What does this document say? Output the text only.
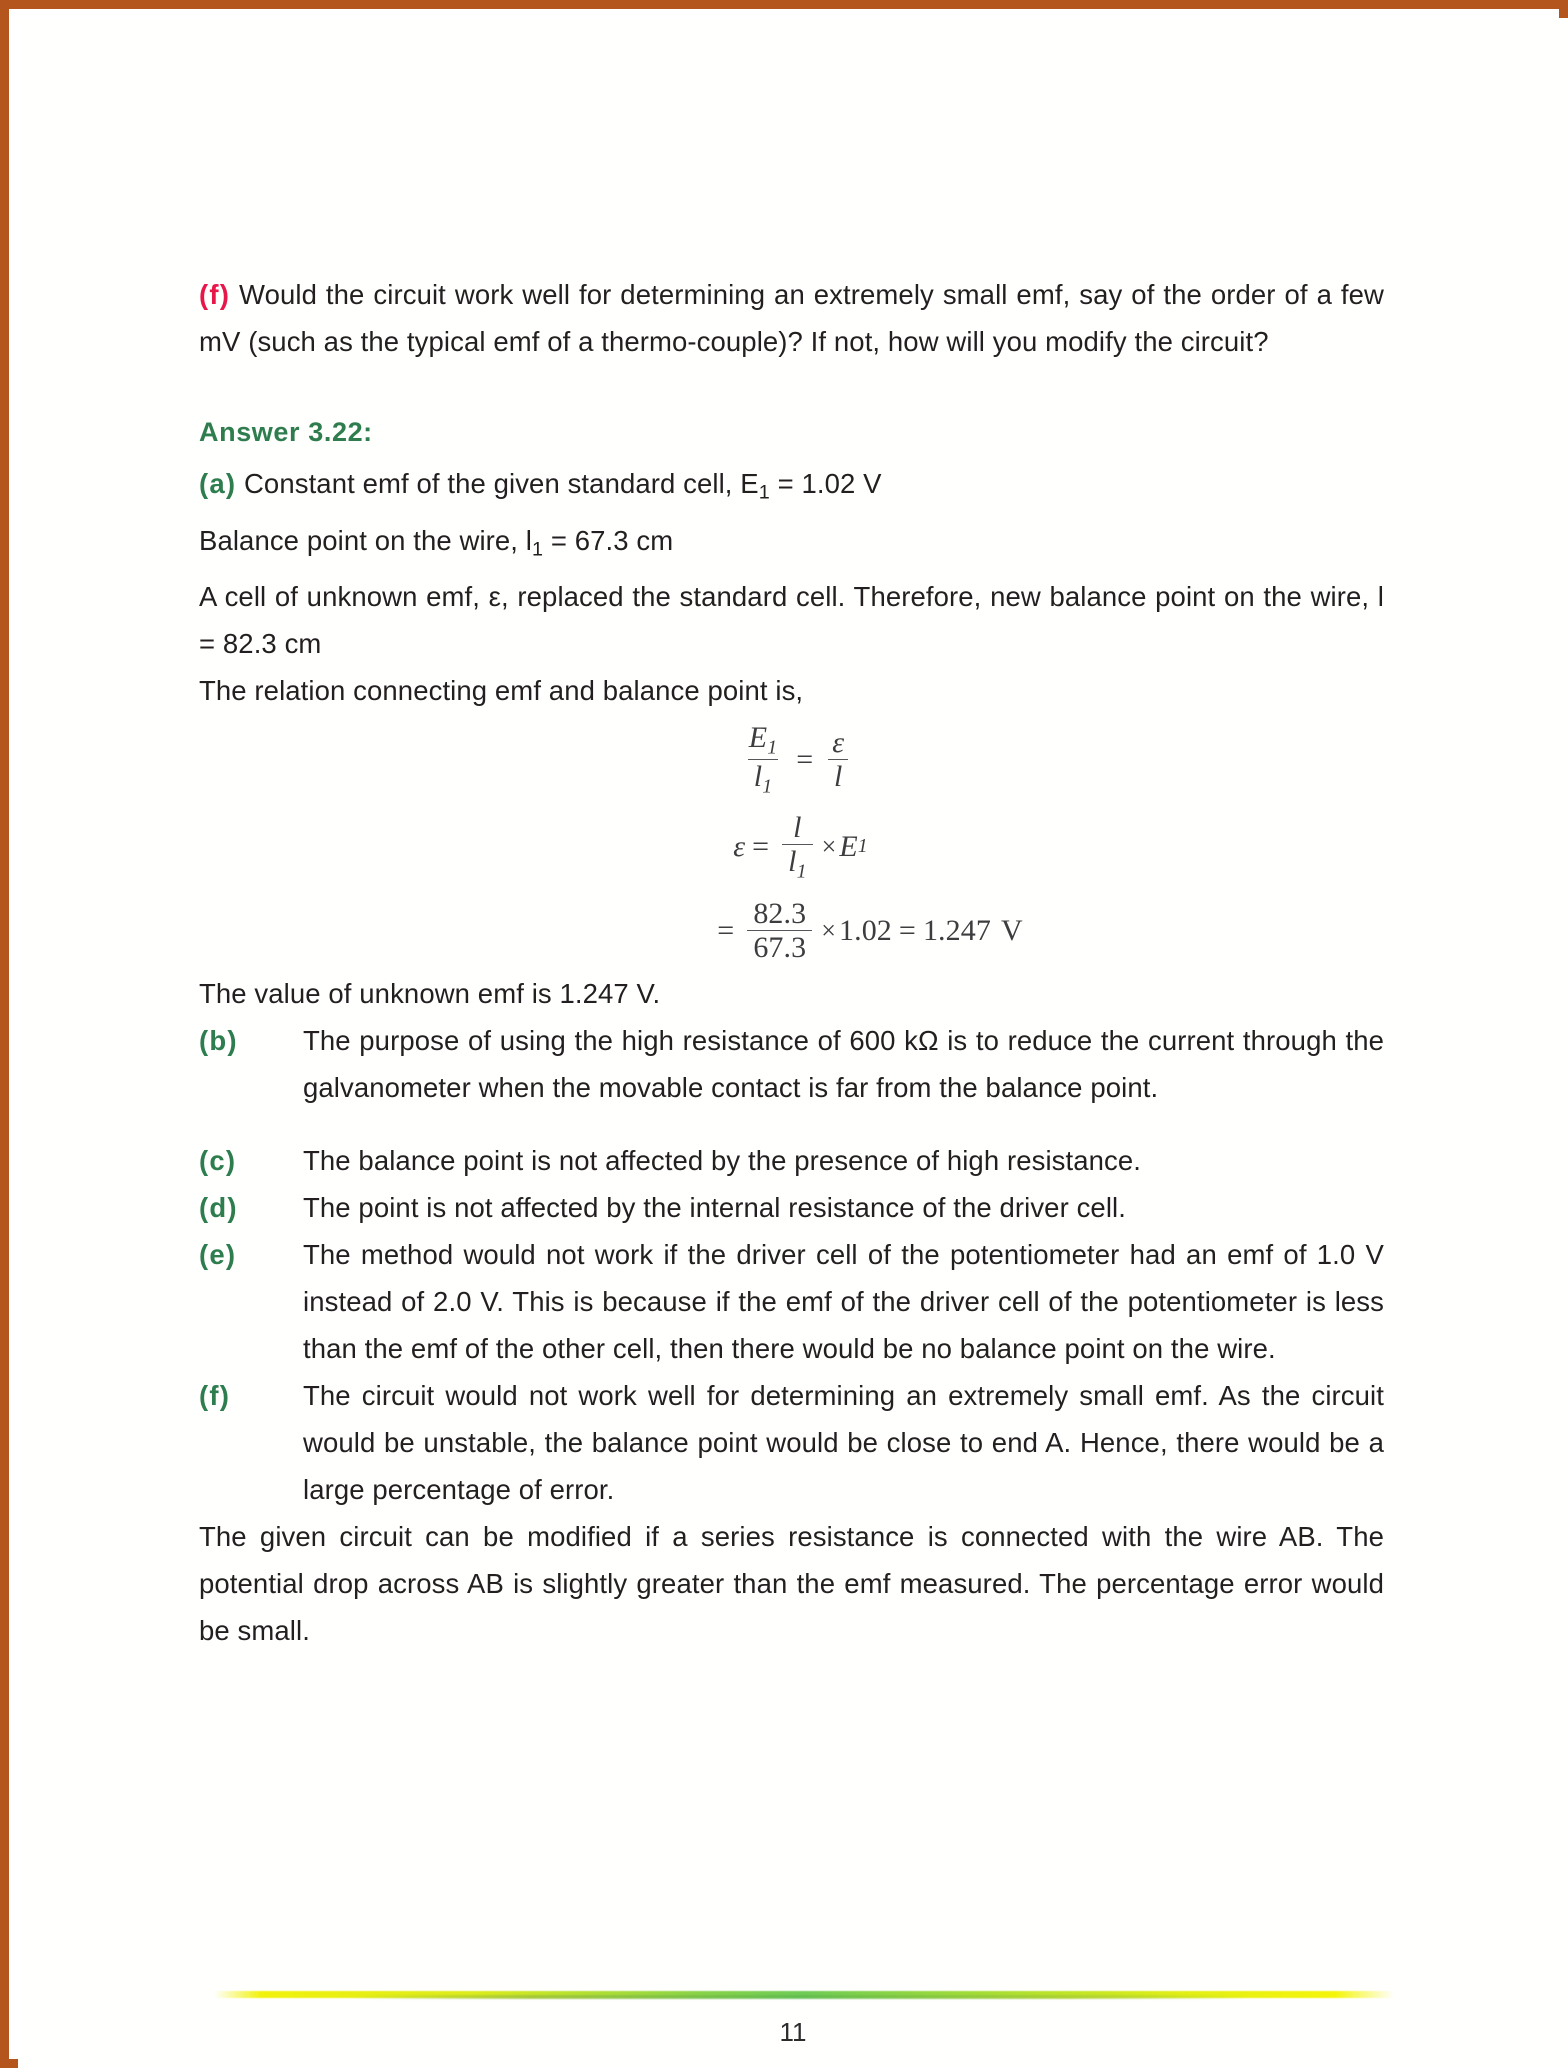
(f) Would the circuit work well for determining an extremely small emf, say of the order of a few mV (such as the typical emf of a thermo-couple)? If not, how will you modify the circuit?

Answer 3.22:

(a) Constant emf of the given standard cell, $E_1 = 1.02$ V

Balance point on the wire, $l_1 = 67.3$ cm

A cell of unknown emf, ε, replaced the standard cell. Therefore, new balance point on the wire, l = 82.3 cm

The relation connecting emf and balance point is,

$\frac{E_1}{l_1} = \frac{\varepsilon}{l}$
$\varepsilon = \frac{l}{l_1} \times E$ 1
= $\frac{82.3}{67.3} \times 1.02 = 1.247$ V

The value of unknown emf is 1.247 V.

(b) The purpose of using the high resistance of 600 kΩ is to reduce the current through the galvanometer when the movable contact is far from the balance point.
(c) The balance point is not affected by the presence of high resistance.
(d) The point is not affected by the internal resistance of the driver cell.
(e) The method would not work if the driver cell of the potentiometer had an emf of 1.0 V instead of 2.0 V. This is because if the emf of the driver cell of the potentiometer is less than the emf of the other cell, then there would be no balance point on the wire.
(f)	The circuit would not work well for determining an extremely small emf. As the circuit would be unstable, the balance point would be close to end A. Hence, there would be a large percentage of error.

The given circuit can be modified if a series resistance is connected with the wire AB. The potential drop across AB is slightly greater than the emf measured. The percentage error would be small.

11
